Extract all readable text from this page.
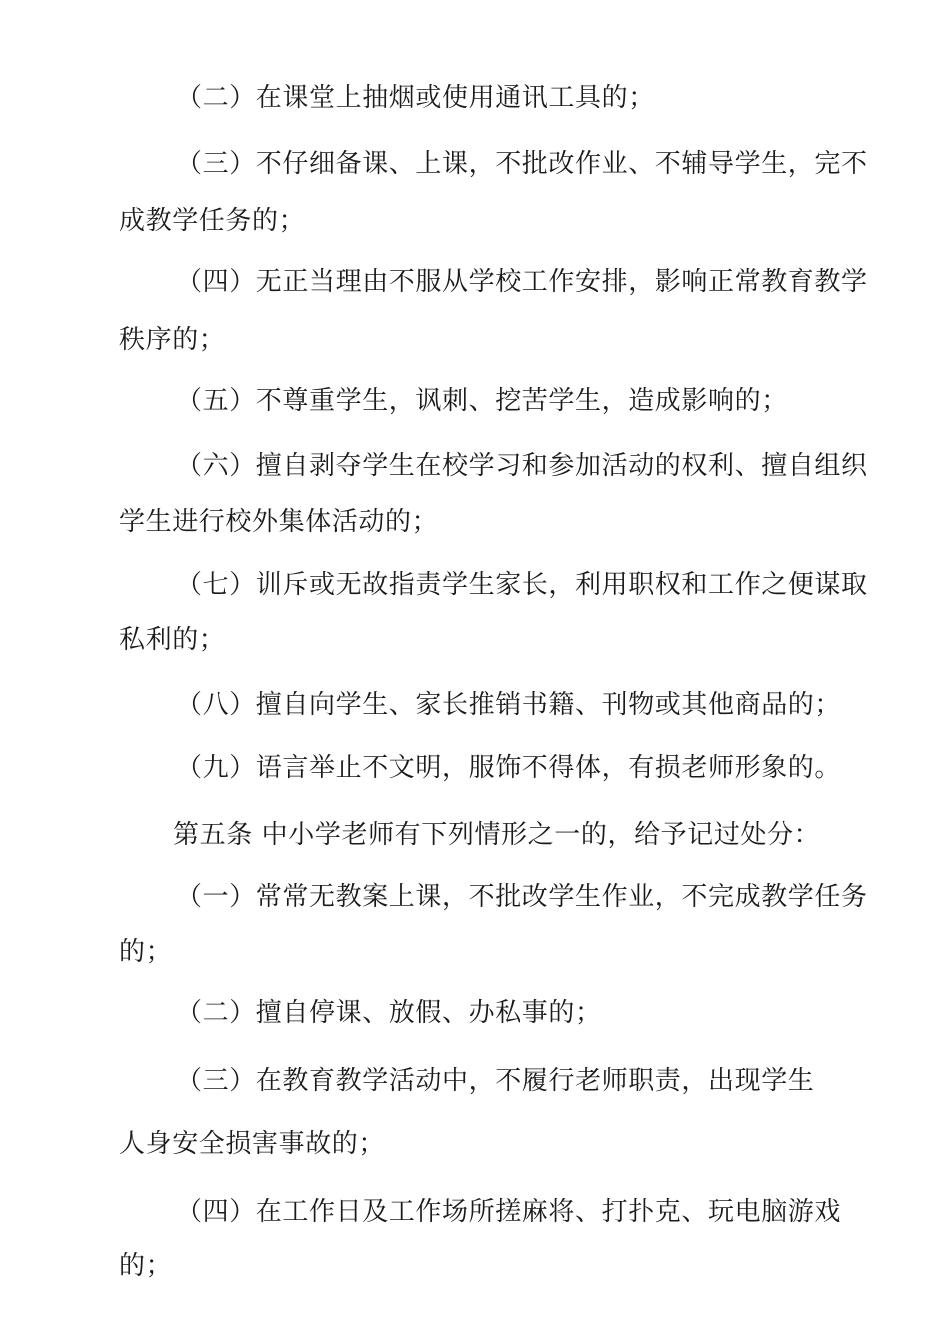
（二）在课堂上抽烟或使用通讯工具的；
（三）不仔细备课、上课，不批改作业、不辅导学生，完不
成教学任务的；
（四）无正当理由不服从学校工作安排，影响正常教育教学
秩序的；
（五）不尊重学生，讽刺、挖苦学生，造成影响的；
（六）擅自剥夺学生在校学习和参加活动的权利、擅自组织
学生进行校外集体活动的；
（七）训斥或无故指责学生家长，利用职权和工作之便谋取
私利的；
（八）擅自向学生、家长推销书籍、刊物或其他商品的；
（九）语言举止不文明，服饰不得体，有损老师形象的。
第五条 中小学老师有下列情形之一的，给予记过处分：
（一）常常无教案上课，不批改学生作业，不完成教学任务
的；
（二）擅自停课、放假、办私事的；
（三）在教育教学活动中，不履行老师职责，出现学生
人身安全损害事故的；
（四）在工作日及工作场所搓麻将、打扑克、玩电脑游戏
的；
